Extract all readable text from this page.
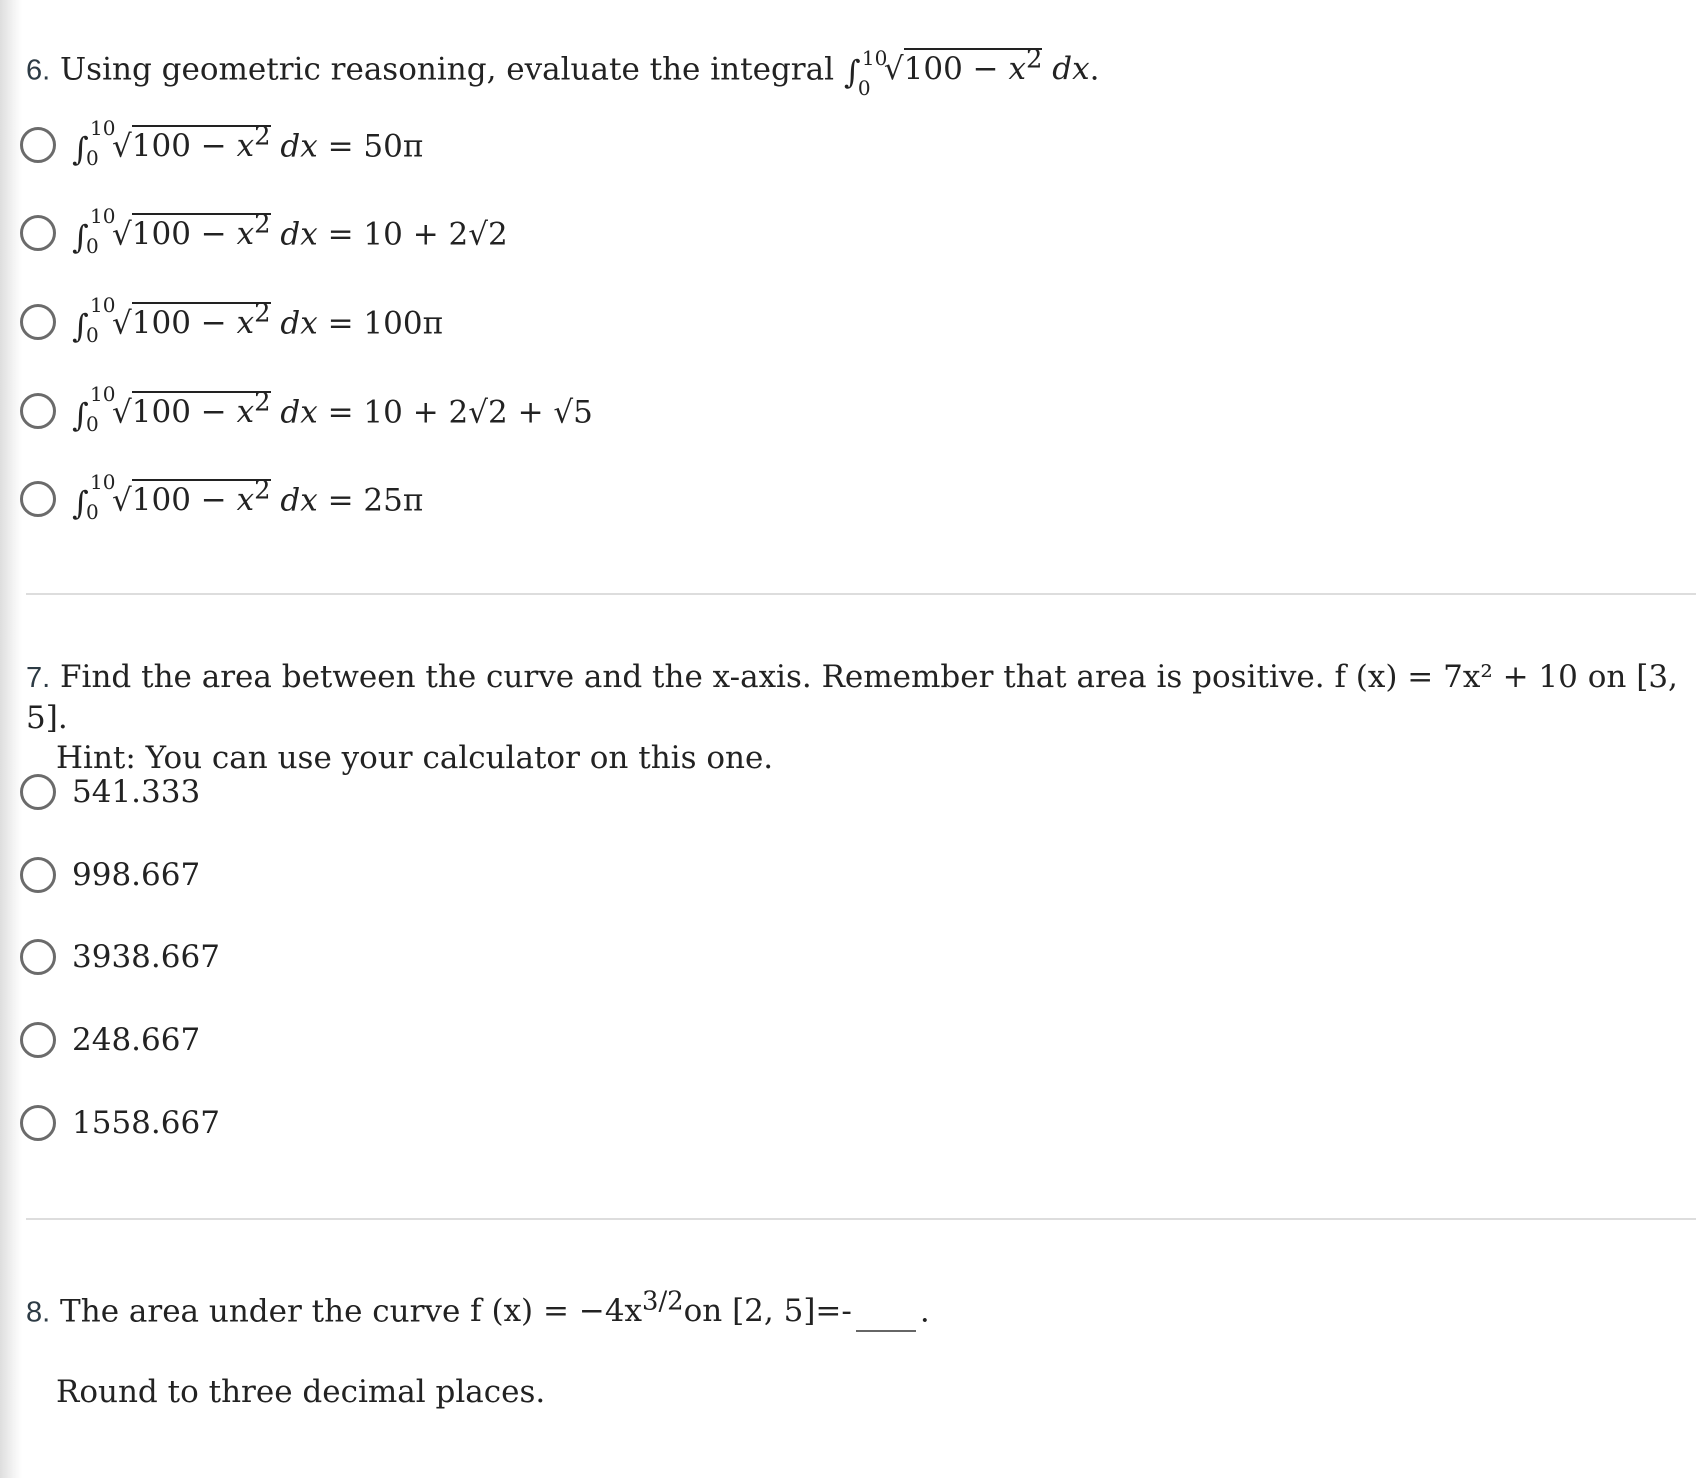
6. Using geometric reasoning, evaluate the integral ∫ 10
0
$√100 - x^2$ dx.
∫
10
0 $√100 - x^2$ dx = 50π
∫
10
0 $√100 - x^2$ dx = 10 + 2√2
∫
10
0 $√100 - x^2$ dx = 100π
∫
10
0 $√100 - x^2$ dx = 10 + 2√2 + √5
∫
10
0 $√100 - x^2$ dx = 25π
7. Find the area between the curve and the x-axis. Remember that area is positive. f (x) = 7x² + 10 on [3, 5].
Hint: You can use your calculator on this one.
541.333
998.667
3938.667
248.667
1558.667
8. The area under the curve f $(x) = -4x^{3/2}on$ [2, 5]=- .
Round to three decimal places.
